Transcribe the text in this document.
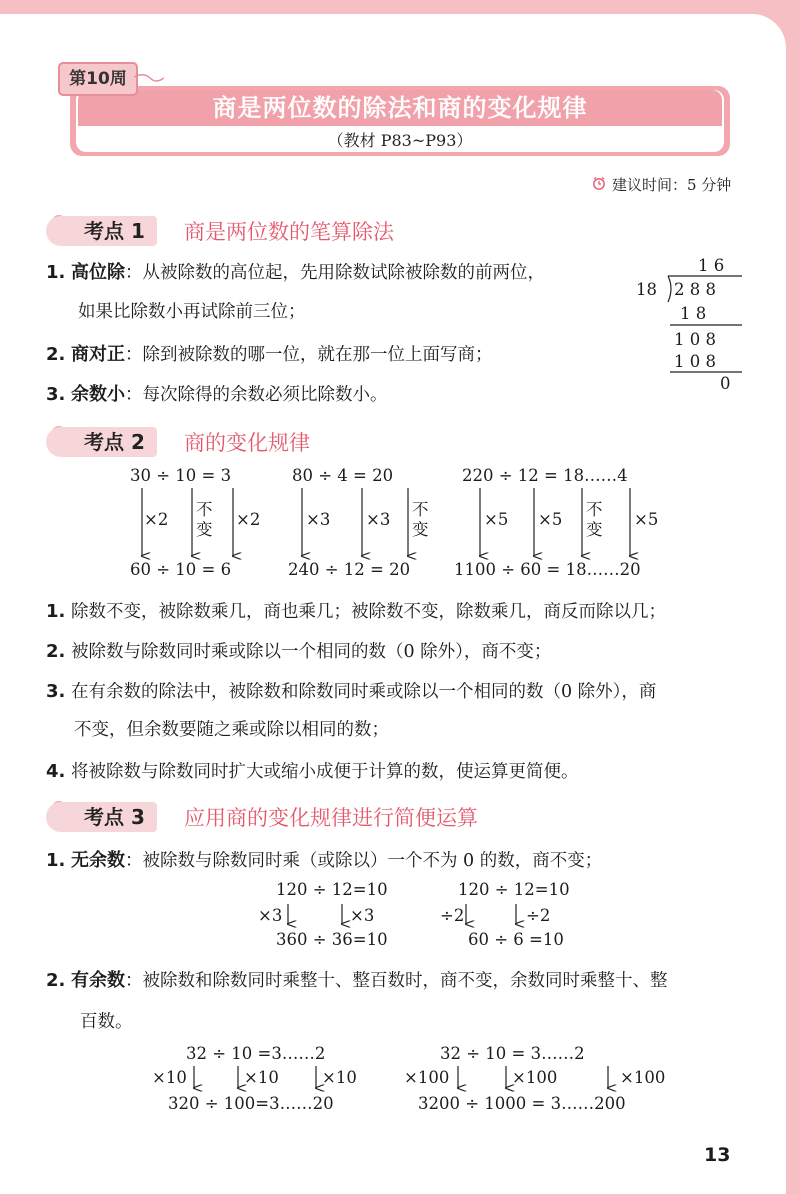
商是两位数的除法和商的变化规律
（教材 P83~P93）
第10周
建议时间：5 分钟
考点 1	商是两位数的笔算除法
1. 高位除：从被除数的高位起，先用除数试除被除数的前两位，
如果比除数小再试除前三位；
2. 商对正：除到被除数的哪一位，就在那一位上面写商；
3. 余数小：每次除得的余数必须比除数小。
1 6
18 2 8 8
1 8
1 0 8
1 0 8
0
考点 2	商的变化规律
30 ÷ 10 = 3
60 ÷ 10 = 6
80 ÷ 4 = 20
240 ÷ 12 = 20
220 ÷ 12 = 18……4
1100 ÷ 60 = 18……20
×2
不变
×2	×3 ×3
不变
×5 ×5
不变
×5
1. 除数不变，被除数乘几，商也乘几；被除数不变，除数乘几，商反而除以几；
2. 被除数与除数同时乘或除以一个相同的数（0 除外），商不变；
3. 在有余数的除法中，被除数和除数同时乘或除以一个相同的数（0 除外），商
不变，但余数要随之乘或除以相同的数；
4. 将被除数与除数同时扩大或缩小成便于计算的数，使运算更简便。
考点 3	应用商的变化规律进行简便运算
1. 无余数：被除数与除数同时乘（或除以）一个不为 0 的数，商不变；
120 ÷ 12=10
×3	×3
360 ÷ 36=10
120 ÷ 12=10
÷2	÷2
60 ÷ 6 =10
2. 有余数：被除数和除数同时乘整十、整百数时，商不变，余数同时乘整十、整
百数。
32 ÷ 10 =3……2
×10	×10	×10
320 ÷ 100=3……20
32 ÷ 10 = 3……2
×100	×100	×100
3200 ÷ 1000 = 3……200
13
